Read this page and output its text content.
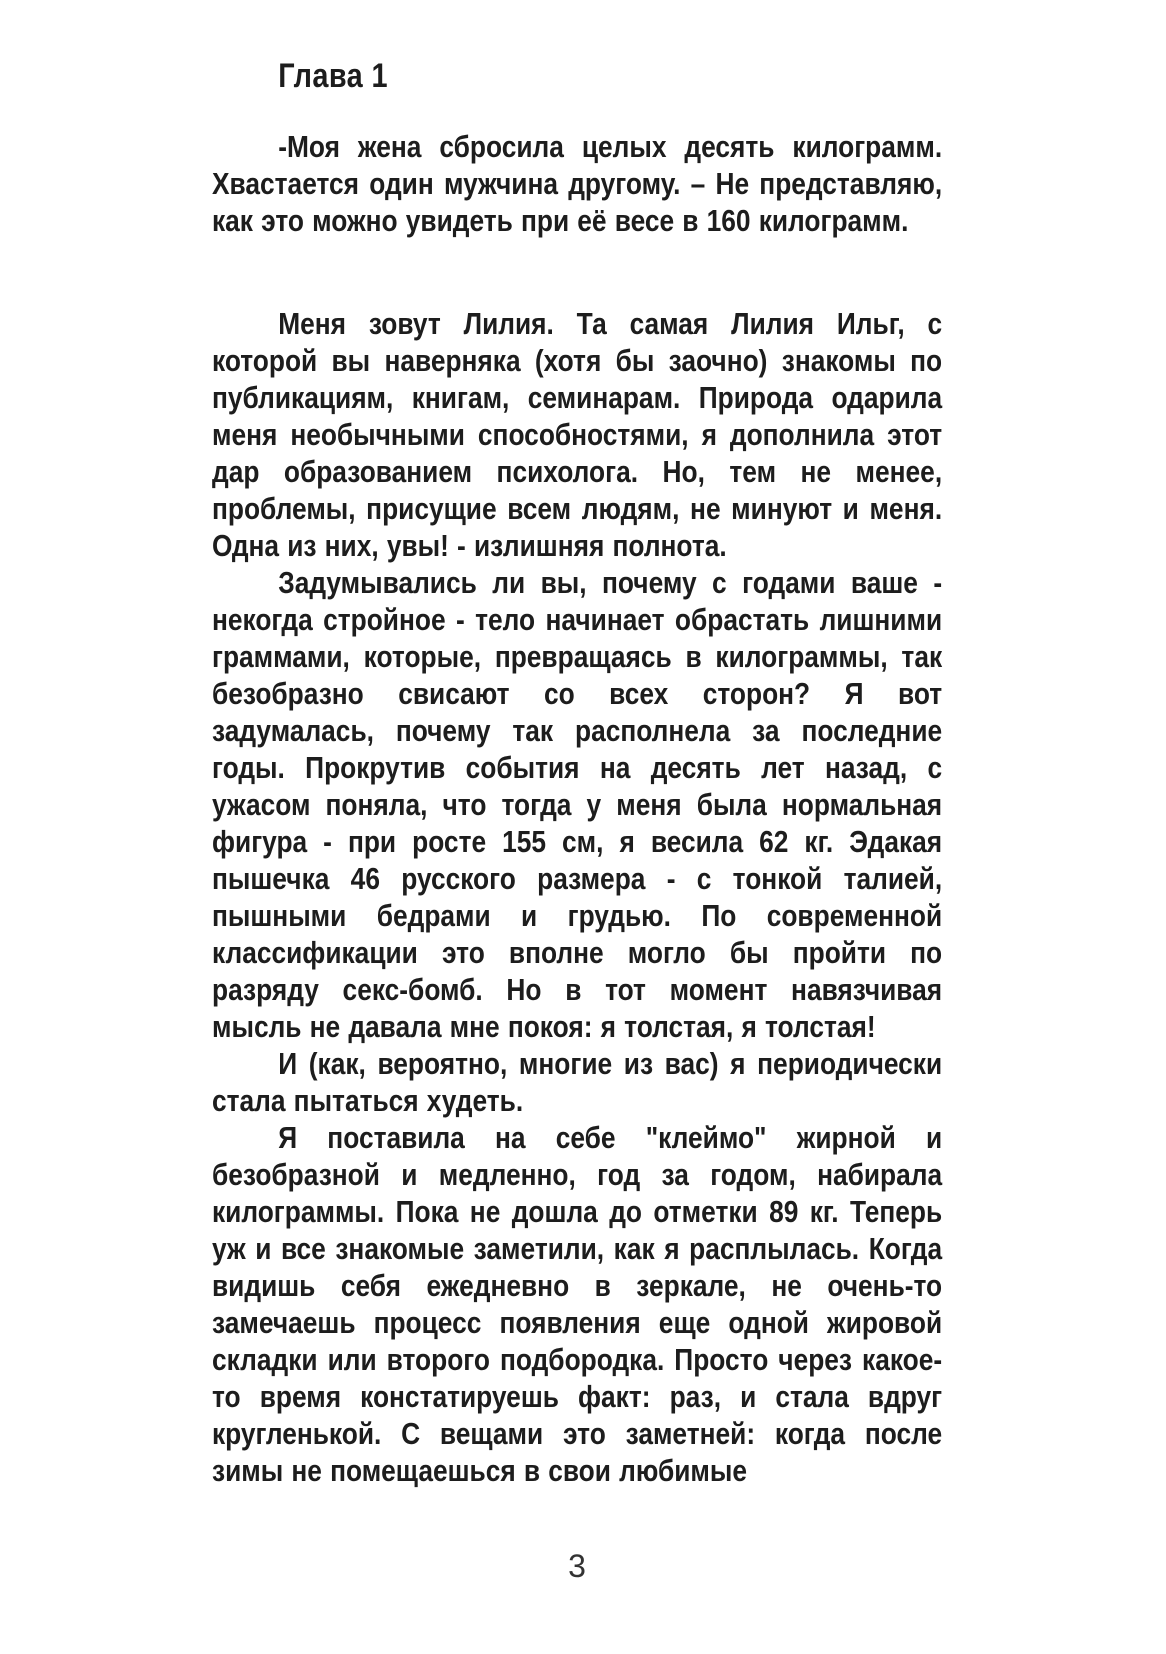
Глава 1

-Моя жена сбросила целых десять килограмм. Хвастается один мужчина другому. – Не представляю, как это можно увидеть при её весе в 160 килограмм.

Меня зовут Лилия. Та самая Лилия Ильг, с которой вы наверняка (хотя бы заочно) знакомы по публикациям, книгам, семинарам. Природа одарила меня необычными способностями, я дополнила этот дар образованием психолога. Но, тем не менее, проблемы, присущие всем людям, не минуют и меня. Одна из них, увы! - излишняя полнота.

Задумывались ли вы, почему с годами ваше - некогда стройное - тело начинает обрастать лишними граммами, которые, превращаясь в килограммы, так безобразно свисают со всех сторон? Я вот задумалась, почему так располнела за последние годы. Прокрутив события на десять лет назад, с ужасом поняла, что тогда у меня была нормальная фигура - при росте 155 см, я весила 62 кг. Эдакая пышечка 46 русского размера - с тонкой талией, пышными бедрами и грудью. По современной классификации это вполне могло бы пройти по разряду секс-бомб. Но в тот момент навязчивая мысль не давала мне покоя: я толстая, я толстая!

И (как, вероятно, многие из вас) я периодически стала пытаться худеть.

Я поставила на себе "клеймо" жирной и безобразной и медленно, год за годом, набирала килограммы. Пока не дошла до отметки 89 кг. Теперь уж и все знакомые заметили, как я расплылась. Когда видишь себя ежедневно в зеркале, не очень-то замечаешь процесс появления еще одной жировой складки или второго подбородка. Просто через какое-то время констатируешь факт: раз, и стала вдруг кругленькой. С вещами это заметней: когда после зимы не помещаешься в свои любимые

3
